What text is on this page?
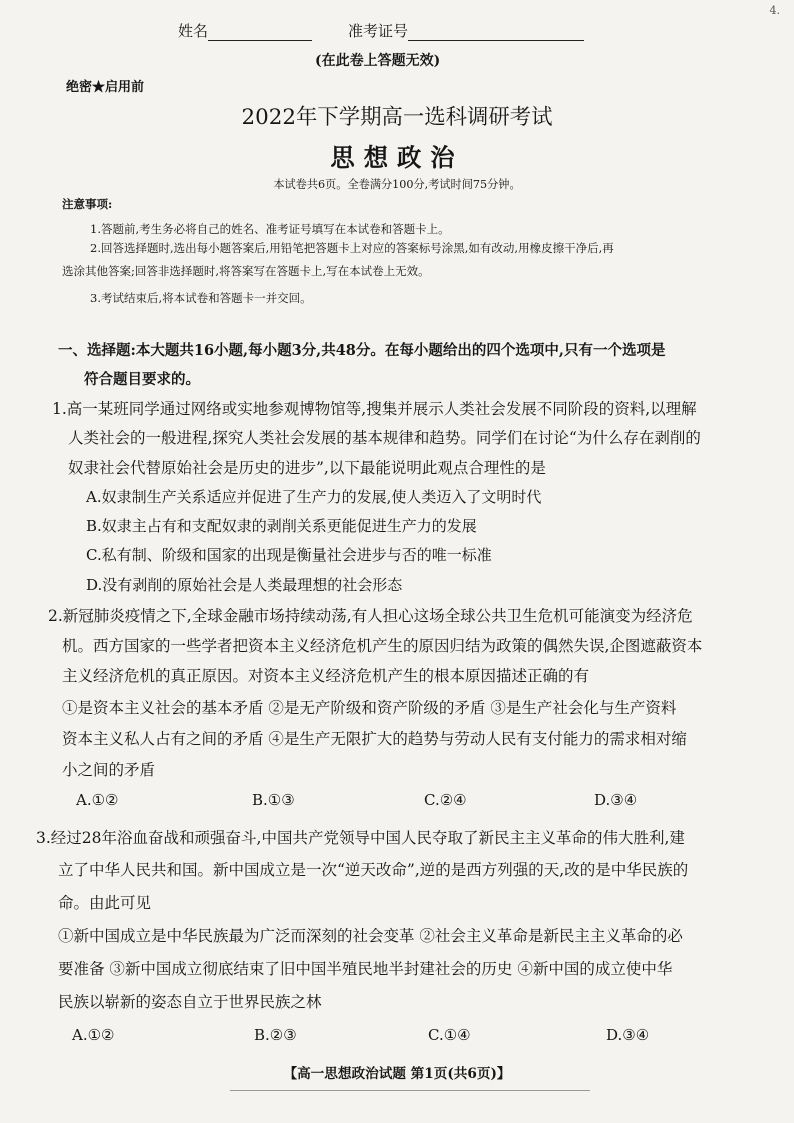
4.
姓名	准考证号
(在此卷上答题无效)
绝密★启用前
2022年下学期高一选科调研考试
思想政治
本试卷共6页。全卷满分100分,考试时间75分钟。
注意事项:
1.答题前,考生务必将自己的姓名、准考证号填写在本试卷和答题卡上。
2.回答选择题时,选出每小题答案后,用铅笔把答题卡上对应的答案标号涂黑,如有改动,用橡皮擦干净后,再
选涂其他答案;回答非选择题时,将答案写在答题卡上,写在本试卷上无效。
3.考试结束后,将本试卷和答题卡一并交回。
一、选择题:本大题共16小题,每小题3分,共48分。在每小题给出的四个选项中,只有一个选项是
符合题目要求的。
1.高一某班同学通过网络或实地参观博物馆等,搜集并展示人类社会发展不同阶段的资料,以理解
人类社会的一般进程,探究人类社会发展的基本规律和趋势。同学们在讨论“为什么存在剥削的
奴隶社会代替原始社会是历史的进步”,以下最能说明此观点合理性的是
A.奴隶制生产关系适应并促进了生产力的发展,使人类迈入了文明时代
B.奴隶主占有和支配奴隶的剥削关系更能促进生产力的发展
C.私有制、阶级和国家的出现是衡量社会进步与否的唯一标准
D.没有剥削的原始社会是人类最理想的社会形态
2.新冠肺炎疫情之下,全球金融市场持续动荡,有人担心这场全球公共卫生危机可能演变为经济危
机。西方国家的一些学者把资本主义经济危机产生的原因归结为政策的偶然失误,企图遮蔽资本
主义经济危机的真正原因。对资本主义经济危机产生的根本原因描述正确的有
①是资本主义社会的基本矛盾 ②是无产阶级和资产阶级的矛盾 ③是生产社会化与生产资料
资本主义私人占有之间的矛盾 ④是生产无限扩大的趋势与劳动人民有支付能力的需求相对缩
小之间的矛盾
A.①②	B.①③	C.②④	D.③④
3.经过28年浴血奋战和顽强奋斗,中国共产党领导中国人民夺取了新民主主义革命的伟大胜利,建
立了中华人民共和国。新中国成立是一次“逆天改命”,逆的是西方列强的天,改的是中华民族的
命。由此可见
①新中国成立是中华民族最为广泛而深刻的社会变革 ②社会主义革命是新民主主义革命的必
要准备 ③新中国成立彻底结束了旧中国半殖民地半封建社会的历史 ④新中国的成立使中华
民族以崭新的姿态自立于世界民族之林
A.①②	B.②③	C.①④	D.③④
【高一思想政治试题 第1页(共6页)】
